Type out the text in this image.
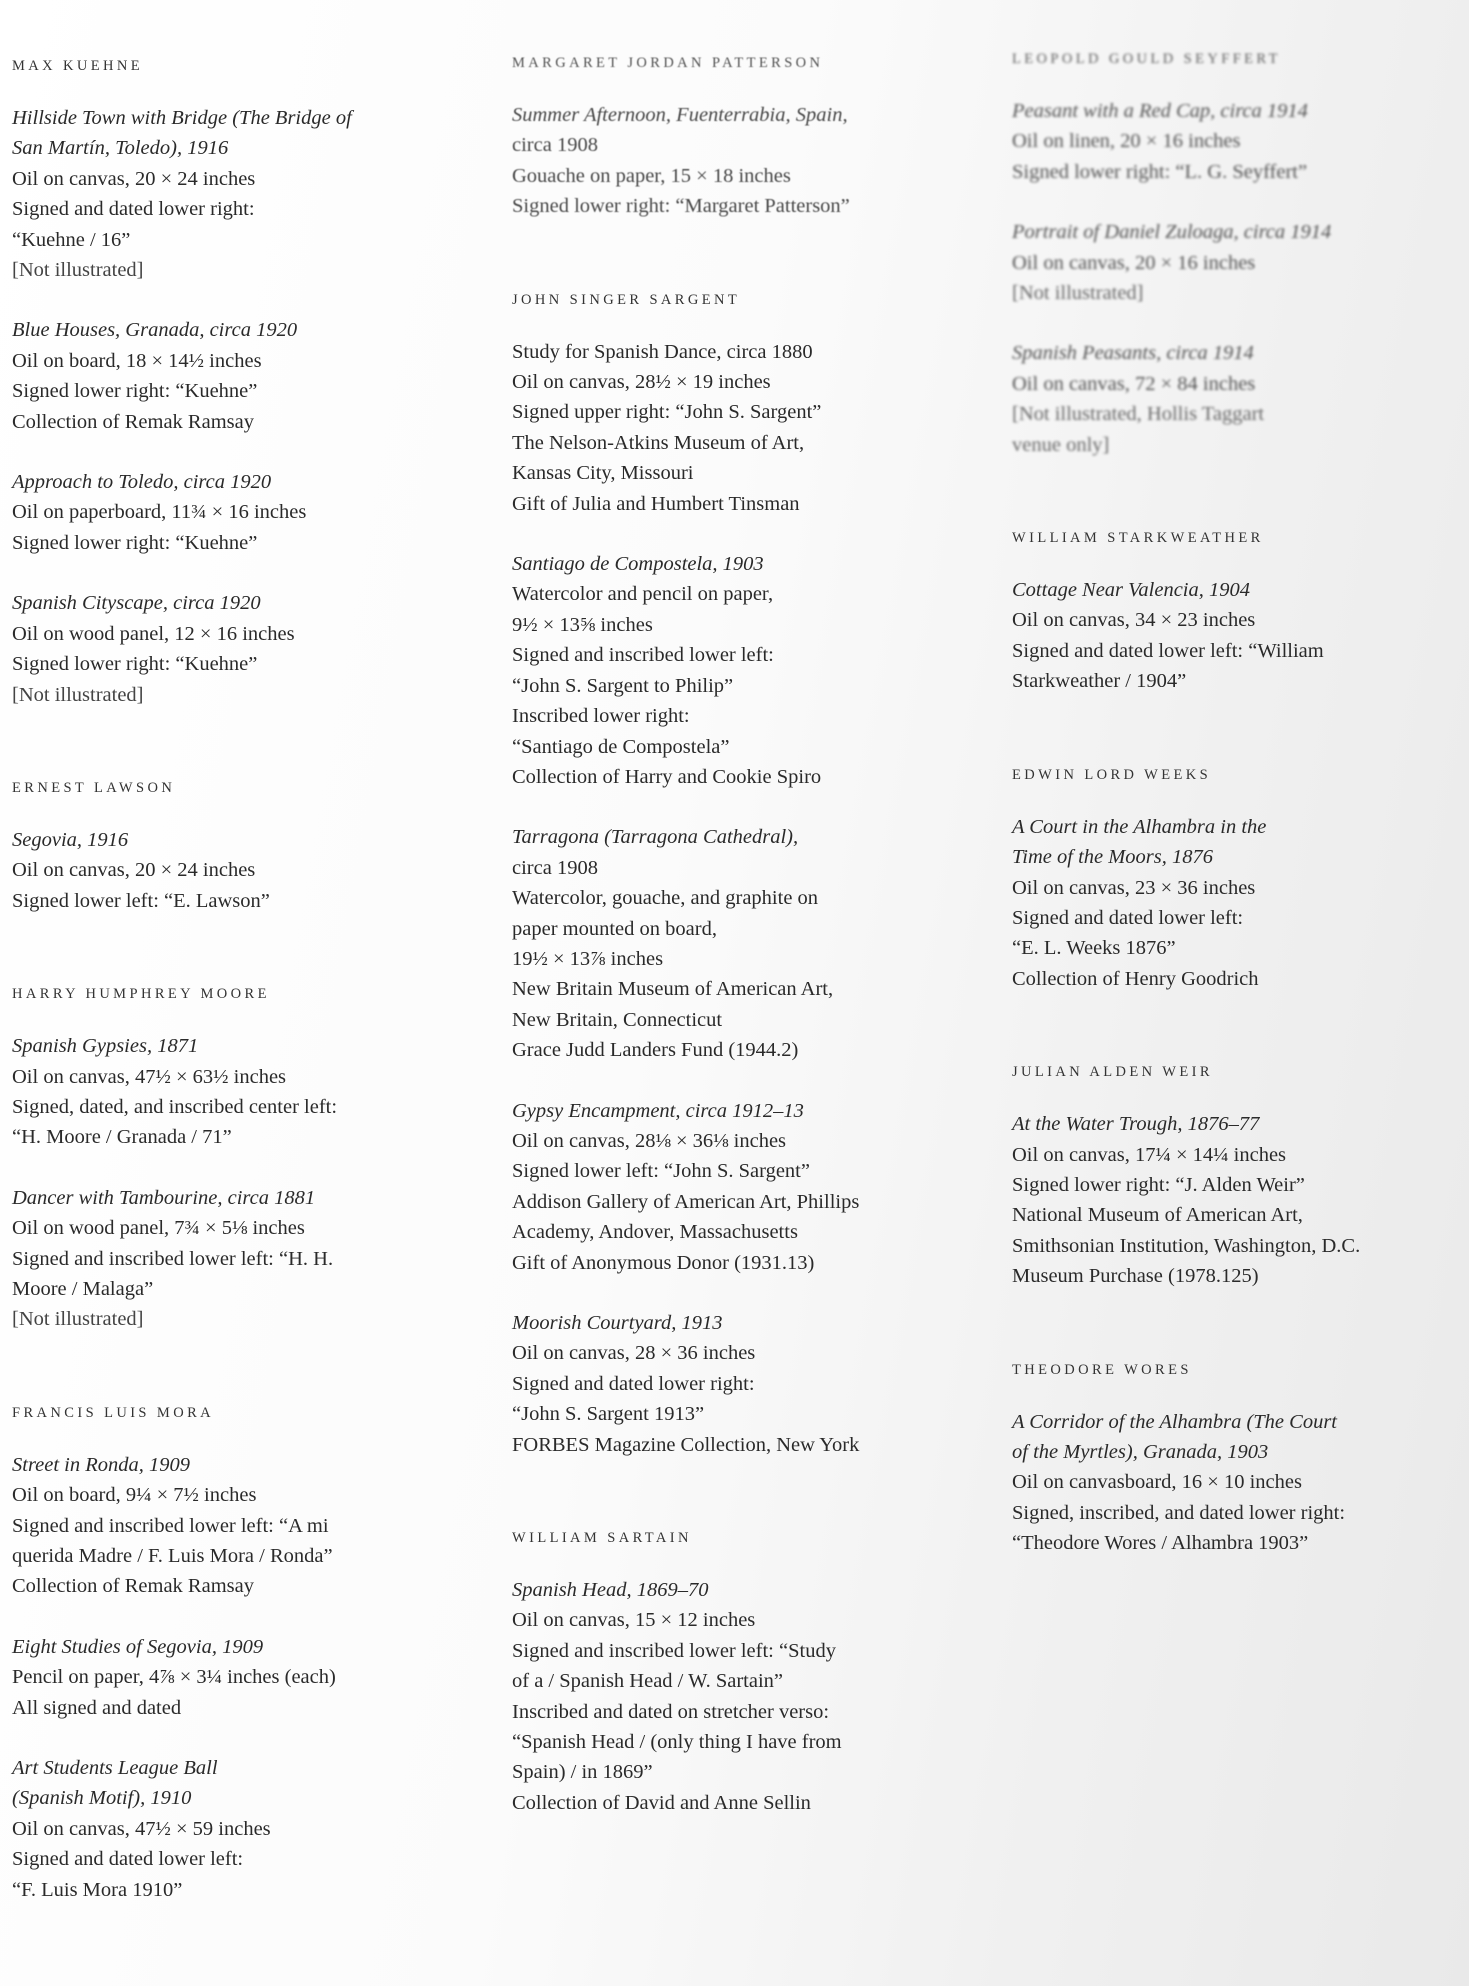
MAX KUEHNE

Hillside Town with Bridge (The Bridge of

San Martín, Toledo), 1916

Oil on canvas, 20 × 24 inches

Signed and dated lower right:

“Kuehne / 16”

[Not illustrated]

Blue Houses, Granada, circa 1920

Oil on board, 18 × 14½ inches

Signed lower right: “Kuehne”

Collection of Remak Ramsay

Approach to Toledo, circa 1920

Oil on paperboard, 11¾ × 16 inches

Signed lower right: “Kuehne”

Spanish Cityscape, circa 1920

Oil on wood panel, 12 × 16 inches

Signed lower right: “Kuehne”

[Not illustrated]

ERNEST LAWSON

Segovia, 1916

Oil on canvas, 20 × 24 inches

Signed lower left: “E. Lawson”

HARRY HUMPHREY MOORE

Spanish Gypsies, 1871

Oil on canvas, 47½ × 63½ inches

Signed, dated, and inscribed center left:

“H. Moore / Granada / 71”

Dancer with Tambourine, circa 1881

Oil on wood panel, 7¾ × 5⅛ inches

Signed and inscribed lower left: “H. H.

Moore / Malaga”

[Not illustrated]

FRANCIS LUIS MORA

Street in Ronda, 1909

Oil on board, 9¼ × 7½ inches

Signed and inscribed lower left: “A mi

querida Madre / F. Luis Mora / Ronda”

Collection of Remak Ramsay

Eight Studies of Segovia, 1909

Pencil on paper, 4⅞ × 3¼ inches (each)

All signed and dated

Art Students League Ball

(Spanish Motif), 1910

Oil on canvas, 47½ × 59 inches

Signed and dated lower left:

“F. Luis Mora 1910”

MARGARET JORDAN PATTERSON

Summer Afternoon, Fuenterrabia, Spain,

circa 1908

Gouache on paper, 15 × 18 inches

Signed lower right: “Margaret Patterson”

JOHN SINGER SARGENT

Study for Spanish Dance, circa 1880

Oil on canvas, 28½ × 19 inches

Signed upper right: “John S. Sargent”

The Nelson-Atkins Museum of Art,

Kansas City, Missouri

Gift of Julia and Humbert Tinsman

Santiago de Compostela, 1903

Watercolor and pencil on paper,

9½ × 13⅝ inches

Signed and inscribed lower left:

“John S. Sargent to Philip”

Inscribed lower right:

“Santiago de Compostela”

Collection of Harry and Cookie Spiro

Tarragona (Tarragona Cathedral),

circa 1908

Watercolor, gouache, and graphite on

paper mounted on board,

19½ × 13⅞ inches

New Britain Museum of American Art,

New Britain, Connecticut

Grace Judd Landers Fund (1944.2)

Gypsy Encampment, circa 1912–13

Oil on canvas, 28⅛ × 36⅛ inches

Signed lower left: “John S. Sargent”

Addison Gallery of American Art, Phillips

Academy, Andover, Massachusetts

Gift of Anonymous Donor (1931.13)

Moorish Courtyard, 1913

Oil on canvas, 28 × 36 inches

Signed and dated lower right:

“John S. Sargent 1913”

FORBES Magazine Collection, New York

WILLIAM SARTAIN

Spanish Head, 1869–70

Oil on canvas, 15 × 12 inches

Signed and inscribed lower left: “Study

of a / Spanish Head / W. Sartain”

Inscribed and dated on stretcher verso:

“Spanish Head / (only thing I have from

Spain) / in 1869”

Collection of David and Anne Sellin

LEOPOLD GOULD SEYFFERT

Peasant with a Red Cap, circa 1914

Oil on linen, 20 × 16 inches

Signed lower right: “L. G. Seyffert”

Portrait of Daniel Zuloaga, circa 1914

Oil on canvas, 20 × 16 inches

[Not illustrated]

Spanish Peasants, circa 1914

Oil on canvas, 72 × 84 inches

[Not illustrated, Hollis Taggart

venue only]

WILLIAM STARKWEATHER

Cottage Near Valencia, 1904

Oil on canvas, 34 × 23 inches

Signed and dated lower left: “William

Starkweather / 1904”

EDWIN LORD WEEKS

A Court in the Alhambra in the

Time of the Moors, 1876

Oil on canvas, 23 × 36 inches

Signed and dated lower left:

“E. L. Weeks 1876”

Collection of Henry Goodrich

JULIAN ALDEN WEIR

At the Water Trough, 1876–77

Oil on canvas, 17¼ × 14¼ inches

Signed lower right: “J. Alden Weir”

National Museum of American Art,

Smithsonian Institution, Washington, D.C.

Museum Purchase (1978.125)

THEODORE WORES

A Corridor of the Alhambra (The Court

of the Myrtles), Granada, 1903

Oil on canvasboard, 16 × 10 inches

Signed, inscribed, and dated lower right:

“Theodore Wores / Alhambra 1903”
